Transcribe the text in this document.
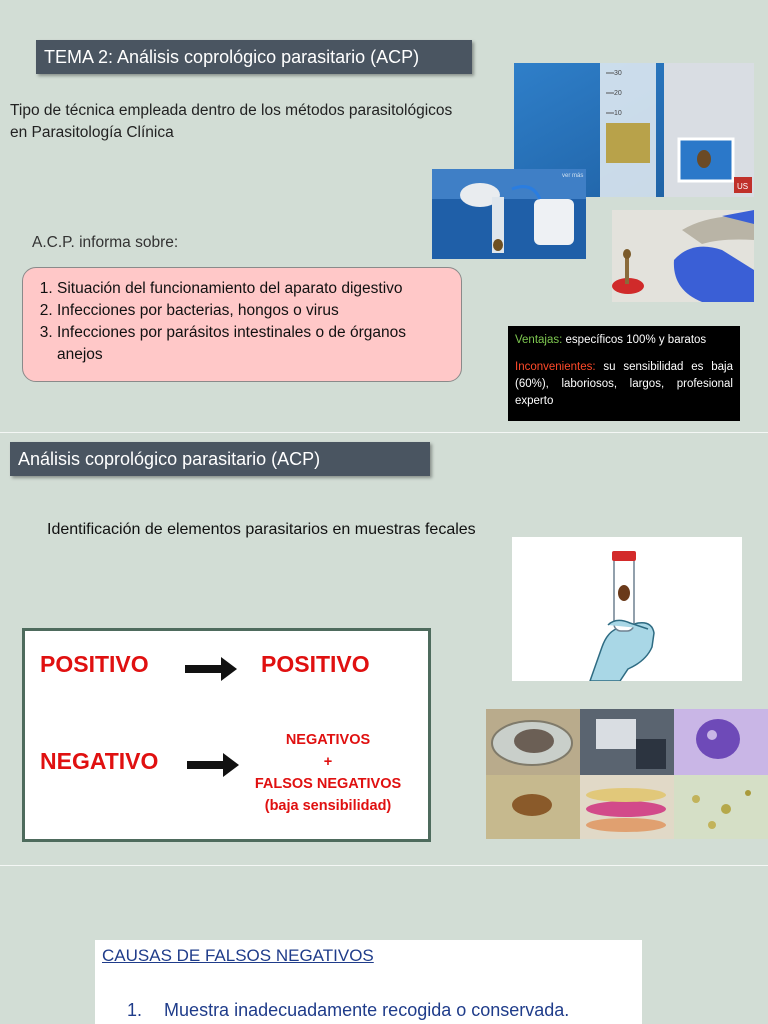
TEMA 2: Análisis coprológico parasitario (ACP)
Tipo de técnica empleada dentro de los métodos parasitológicos
en Parasitología Clínica
A.C.P. informa sobre:
1. Situación del funcionamiento del aparato digestivo
2. Infecciones por bacterias, hongos o virus
3. Infecciones por parásitos intestinales o de órganos anejos
Ventajas: específicos 100% y baratos
Inconvenientes: su sensibilidad es baja (60%), laboriosos, largos, profesional experto
30
20
10
US
ver más
Análisis coprológico parasitario (ACP)
Identificación de elementos parasitarios en muestras fecales
POSITIVO	POSITIVO
NEGATIVO
NEGATIVOS
+
FALSOS NEGATIVOS
(baja sensibilidad)
CAUSAS DE FALSOS NEGATIVOS
1. Muestra inadecuadamente recogida o conservada.
